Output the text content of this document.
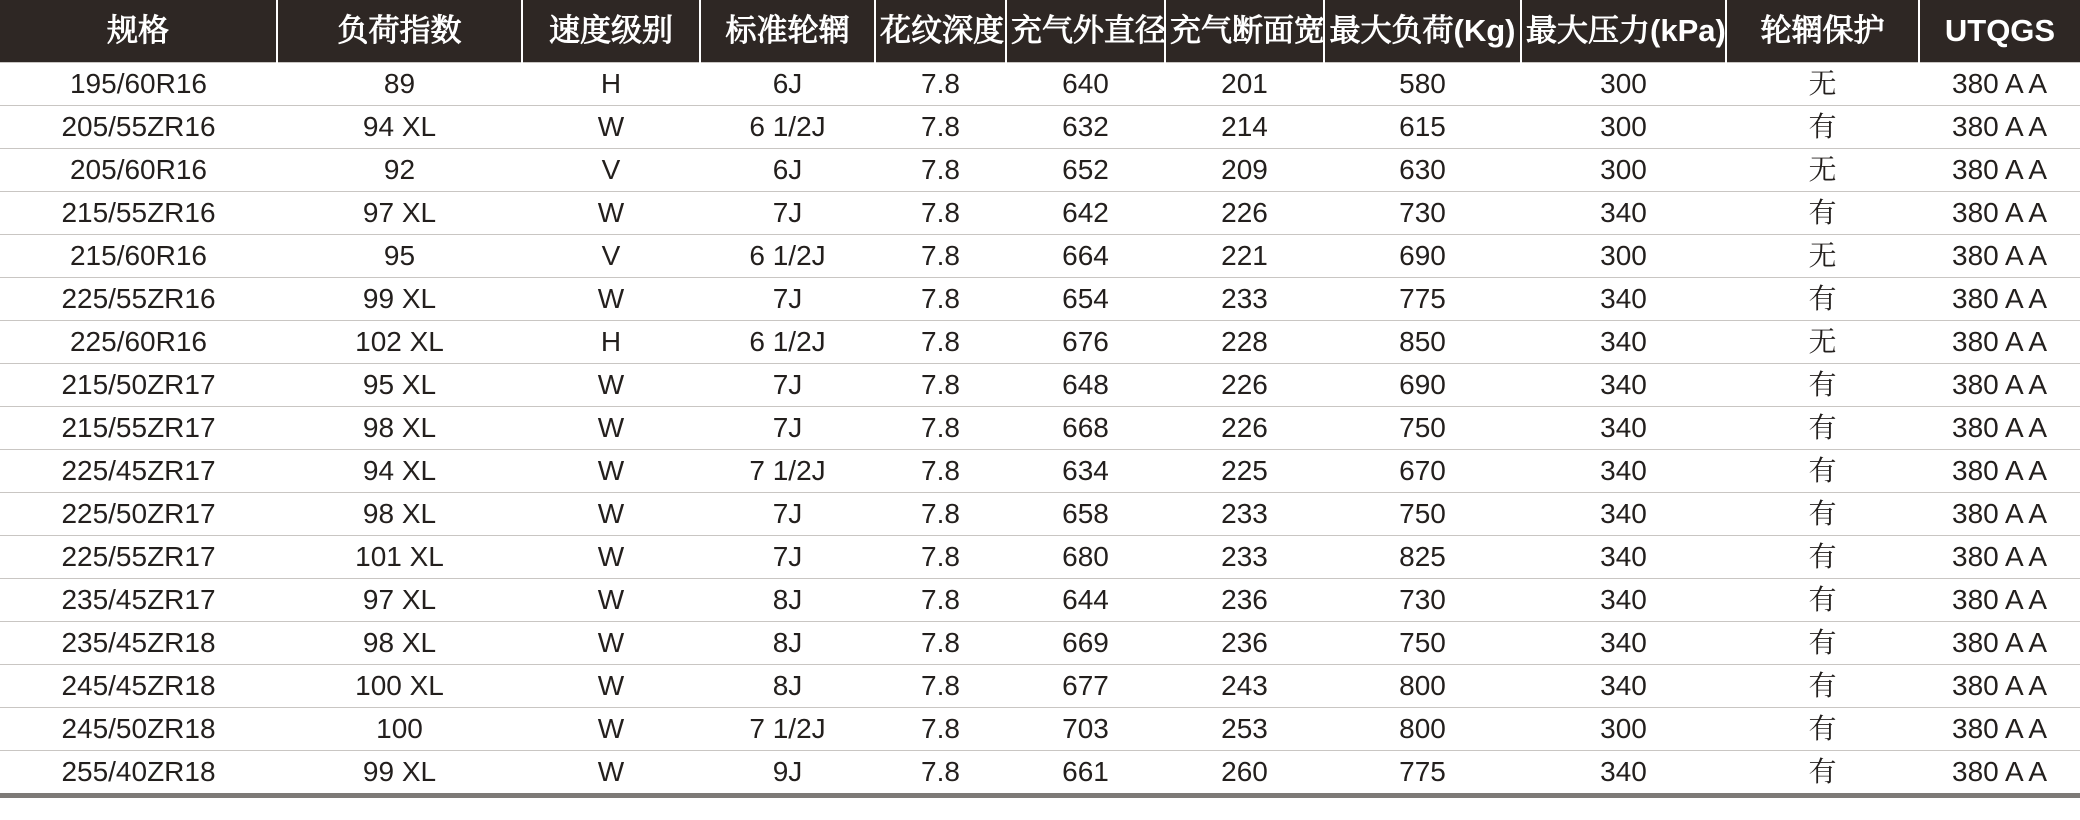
规格	负荷指数	速度级别	标准轮辋	花纹深度	充气外直径	充气断面宽	最大负荷(Kg)	最大压力(kPa)	轮辋保护	UTQGS
195/60R16	89	H	6J	7.8	640	201	580	300	无	380 A A
205/55ZR16	94 XL	W	6 1/2J	7.8	632	214	615	300	有	380 A A
205/60R16	92	V	6J	7.8	652	209	630	300	无	380 A A
215/55ZR16	97 XL	W	7J	7.8	642	226	730	340	有	380 A A
215/60R16	95	V	6 1/2J	7.8	664	221	690	300	无	380 A A
225/55ZR16	99 XL	W	7J	7.8	654	233	775	340	有	380 A A
225/60R16	102 XL	H	6 1/2J	7.8	676	228	850	340	无	380 A A
215/50ZR17	95 XL	W	7J	7.8	648	226	690	340	有	380 A A
215/55ZR17	98 XL	W	7J	7.8	668	226	750	340	有	380 A A
225/45ZR17	94 XL	W	7 1/2J	7.8	634	225	670	340	有	380 A A
225/50ZR17	98 XL	W	7J	7.8	658	233	750	340	有	380 A A
225/55ZR17	101 XL	W	7J	7.8	680	233	825	340	有	380 A A
235/45ZR17	97 XL	W	8J	7.8	644	236	730	340	有	380 A A
235/45ZR18	98 XL	W	8J	7.8	669	236	750	340	有	380 A A
245/45ZR18	100 XL	W	8J	7.8	677	243	800	340	有	380 A A
245/50ZR18	100	W	7 1/2J	7.8	703	253	800	300	有	380 A A
255/40ZR18	99 XL	W	9J	7.8	661	260	775	340	有	380 A A
